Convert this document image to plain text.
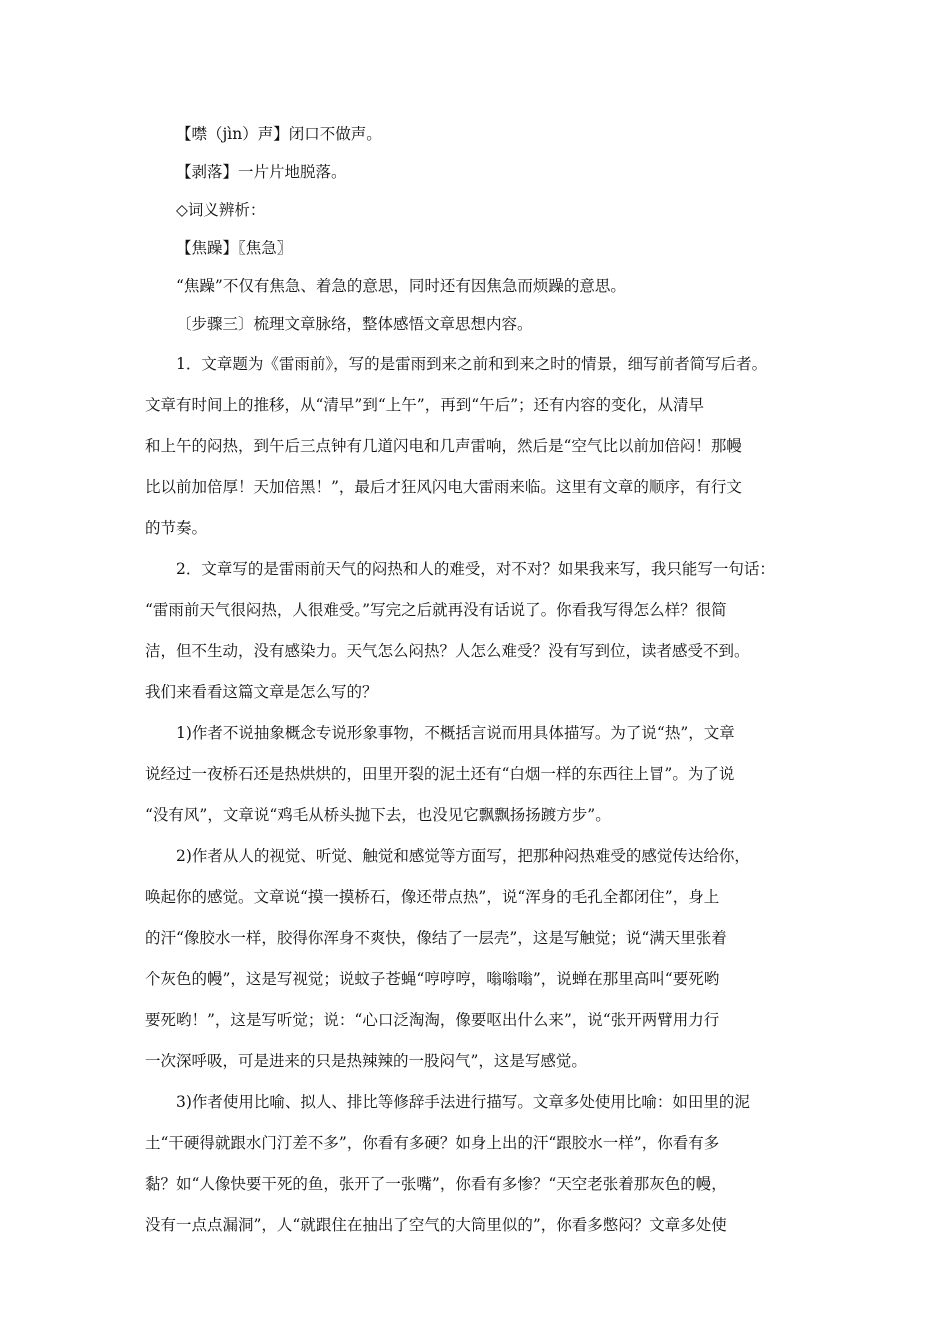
【噤（jìn）声】闭口不做声。
【剥落】一片片地脱落。
◇词义辨析：
【焦躁】〖焦急〗
“焦躁”不仅有焦急、着急的意思，同时还有因焦急而烦躁的意思。
〔步骤三〕梳理文章脉络，整体感悟文章思想内容。
1．文章题为《雷雨前》，写的是雷雨到来之前和到来之时的情景，细写前者简写后者。
文章有时间上的推移，从“清早”到“上午”，再到“午后”；还有内容的变化，从清早
和上午的闷热，到午后三点钟有几道闪电和几声雷响，然后是“空气比以前加倍闷！那幔
比以前加倍厚！天加倍黑！”，最后才狂风闪电大雷雨来临。这里有文章的顺序，有行文
的节奏。
2．文章写的是雷雨前天气的闷热和人的难受，对不对？如果我来写，我只能写一句话：
“雷雨前天气很闷热，人很难受。”写完之后就再没有话说了。你看我写得怎么样？很简
洁，但不生动，没有感染力。天气怎么闷热？人怎么难受？没有写到位，读者感受不到。
我们来看看这篇文章是怎么写的？
1)作者不说抽象概念专说形象事物，不概括言说而用具体描写。为了说“热”，文章
说经过一夜桥石还是热烘烘的，田里开裂的泥土还有“白烟一样的东西往上冒”。为了说
“没有风”，文章说“鸡毛从桥头抛下去，也没见它飘飘扬扬踱方步”。
2)作者从人的视觉、听觉、触觉和感觉等方面写，把那种闷热难受的感觉传达给你，
唤起你的感觉。文章说“摸一摸桥石，像还带点热”，说“浑身的毛孔全都闭住”，身上
的汗“像胶水一样，胶得你浑身不爽快，像结了一层壳”，这是写触觉；说“满天里张着
个灰色的幔”，这是写视觉；说蚊子苍蝇“哼哼哼，嗡嗡嗡”，说蝉在那里高叫“要死哟
要死哟！”，这是写听觉；说：“心口泛淘淘，像要呕出什么来”，说“张开两臂用力行
一次深呼吸，可是进来的只是热辣辣的一股闷气”，这是写感觉。
3)作者使用比喻、拟人、排比等修辞手法进行描写。文章多处使用比喻：如田里的泥
土“干硬得就跟水门汀差不多”，你看有多硬？如身上出的汗“跟胶水一样”，你看有多
黏？如“人像快要干死的鱼，张开了一张嘴”，你看有多惨？“天空老张着那灰色的幔，
没有一点点漏洞”，人“就跟住在抽出了空气的大筒里似的”，你看多憋闷？文章多处使
